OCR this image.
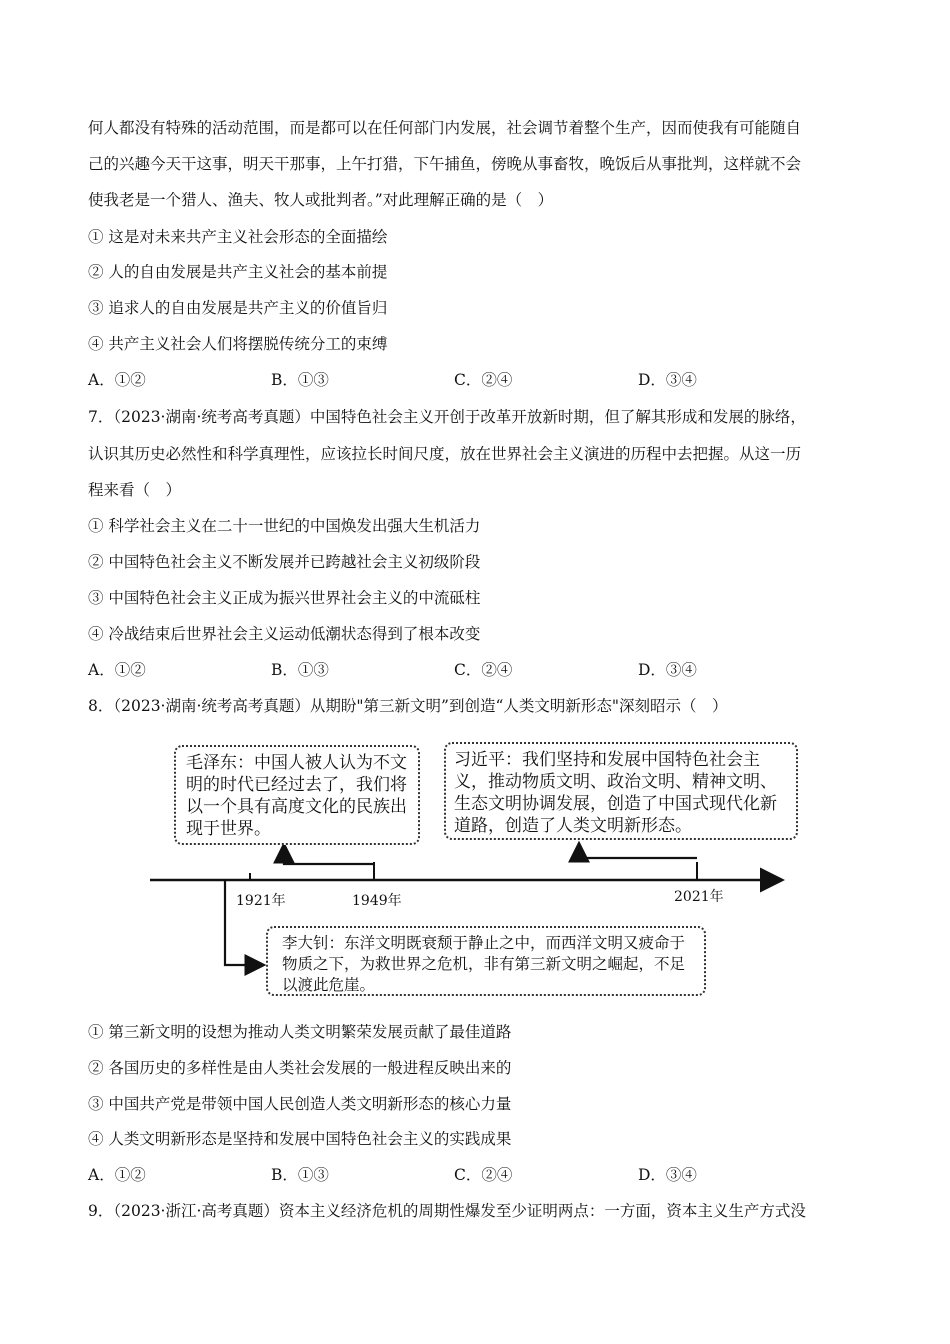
何人都没有特殊的活动范围，而是都可以在任何部门内发展，社会调节着整个生产，因而使我有可能随自
己的兴趣今天干这事，明天干那事，上午打猎，下午捕鱼，傍晚从事畜牧，晚饭后从事批判，这样就不会
使我老是一个猎人、渔夫、牧人或批判者。”对此理解正确的是（　）
① 这是对未来共产主义社会形态的全面描绘
② 人的自由发展是共产主义社会的基本前提
③ 追求人的自由发展是共产主义的价值旨归
④ 共产主义社会人们将摆脱传统分工的束缚
A．①②	B．①③	C．②④	D．③④
7．（2023·湖南·统考高考真题）中国特色社会主义开创于改革开放新时期，但了解其形成和发展的脉络，
认识其历史必然性和科学真理性，应该拉长时间尺度，放在世界社会主义演进的历程中去把握。从这一历
程来看（　）
① 科学社会主义在二十一世纪的中国焕发出强大生机活力
② 中国特色社会主义不断发展并已跨越社会主义初级阶段
③ 中国特色社会主义正成为振兴世界社会主义的中流砥柱
④ 冷战结束后世界社会主义运动低潮状态得到了根本改变
A．①②	B．①③	C．②④	D．③④
8．（2023·湖南·统考高考真题）从期盼"第三新文明”到创造“人类文明新形态"深刻昭示（　）
毛泽东：中国人被人认为不文明的时代已经过去了，我们将以一个具有高度文化的民族出现于世界。
习近平：我们坚持和发展中国特色社会主义，推动物质文明、政治文明、精神文明、生态文明协调发展，创造了中国式现代化新道路，创造了人类文明新形态。
李大钊：东洋文明既衰颓于静止之中，而西洋文明又疲命于物质之下，为救世界之危机，非有第三新文明之崛起，不足以渡此危崖。
1921年	1949年	2021年
① 第三新文明的设想为推动人类文明繁荣发展贡献了最佳道路
② 各国历史的多样性是由人类社会发展的一般进程反映出来的
③ 中国共产党是带领中国人民创造人类文明新形态的核心力量
④ 人类文明新形态是坚持和发展中国特色社会主义的实践成果
A．①②	B．①③	C．②④	D．③④
9．（2023·浙江·高考真题）资本主义经济危机的周期性爆发至少证明两点：一方面，资本主义生产方式没
